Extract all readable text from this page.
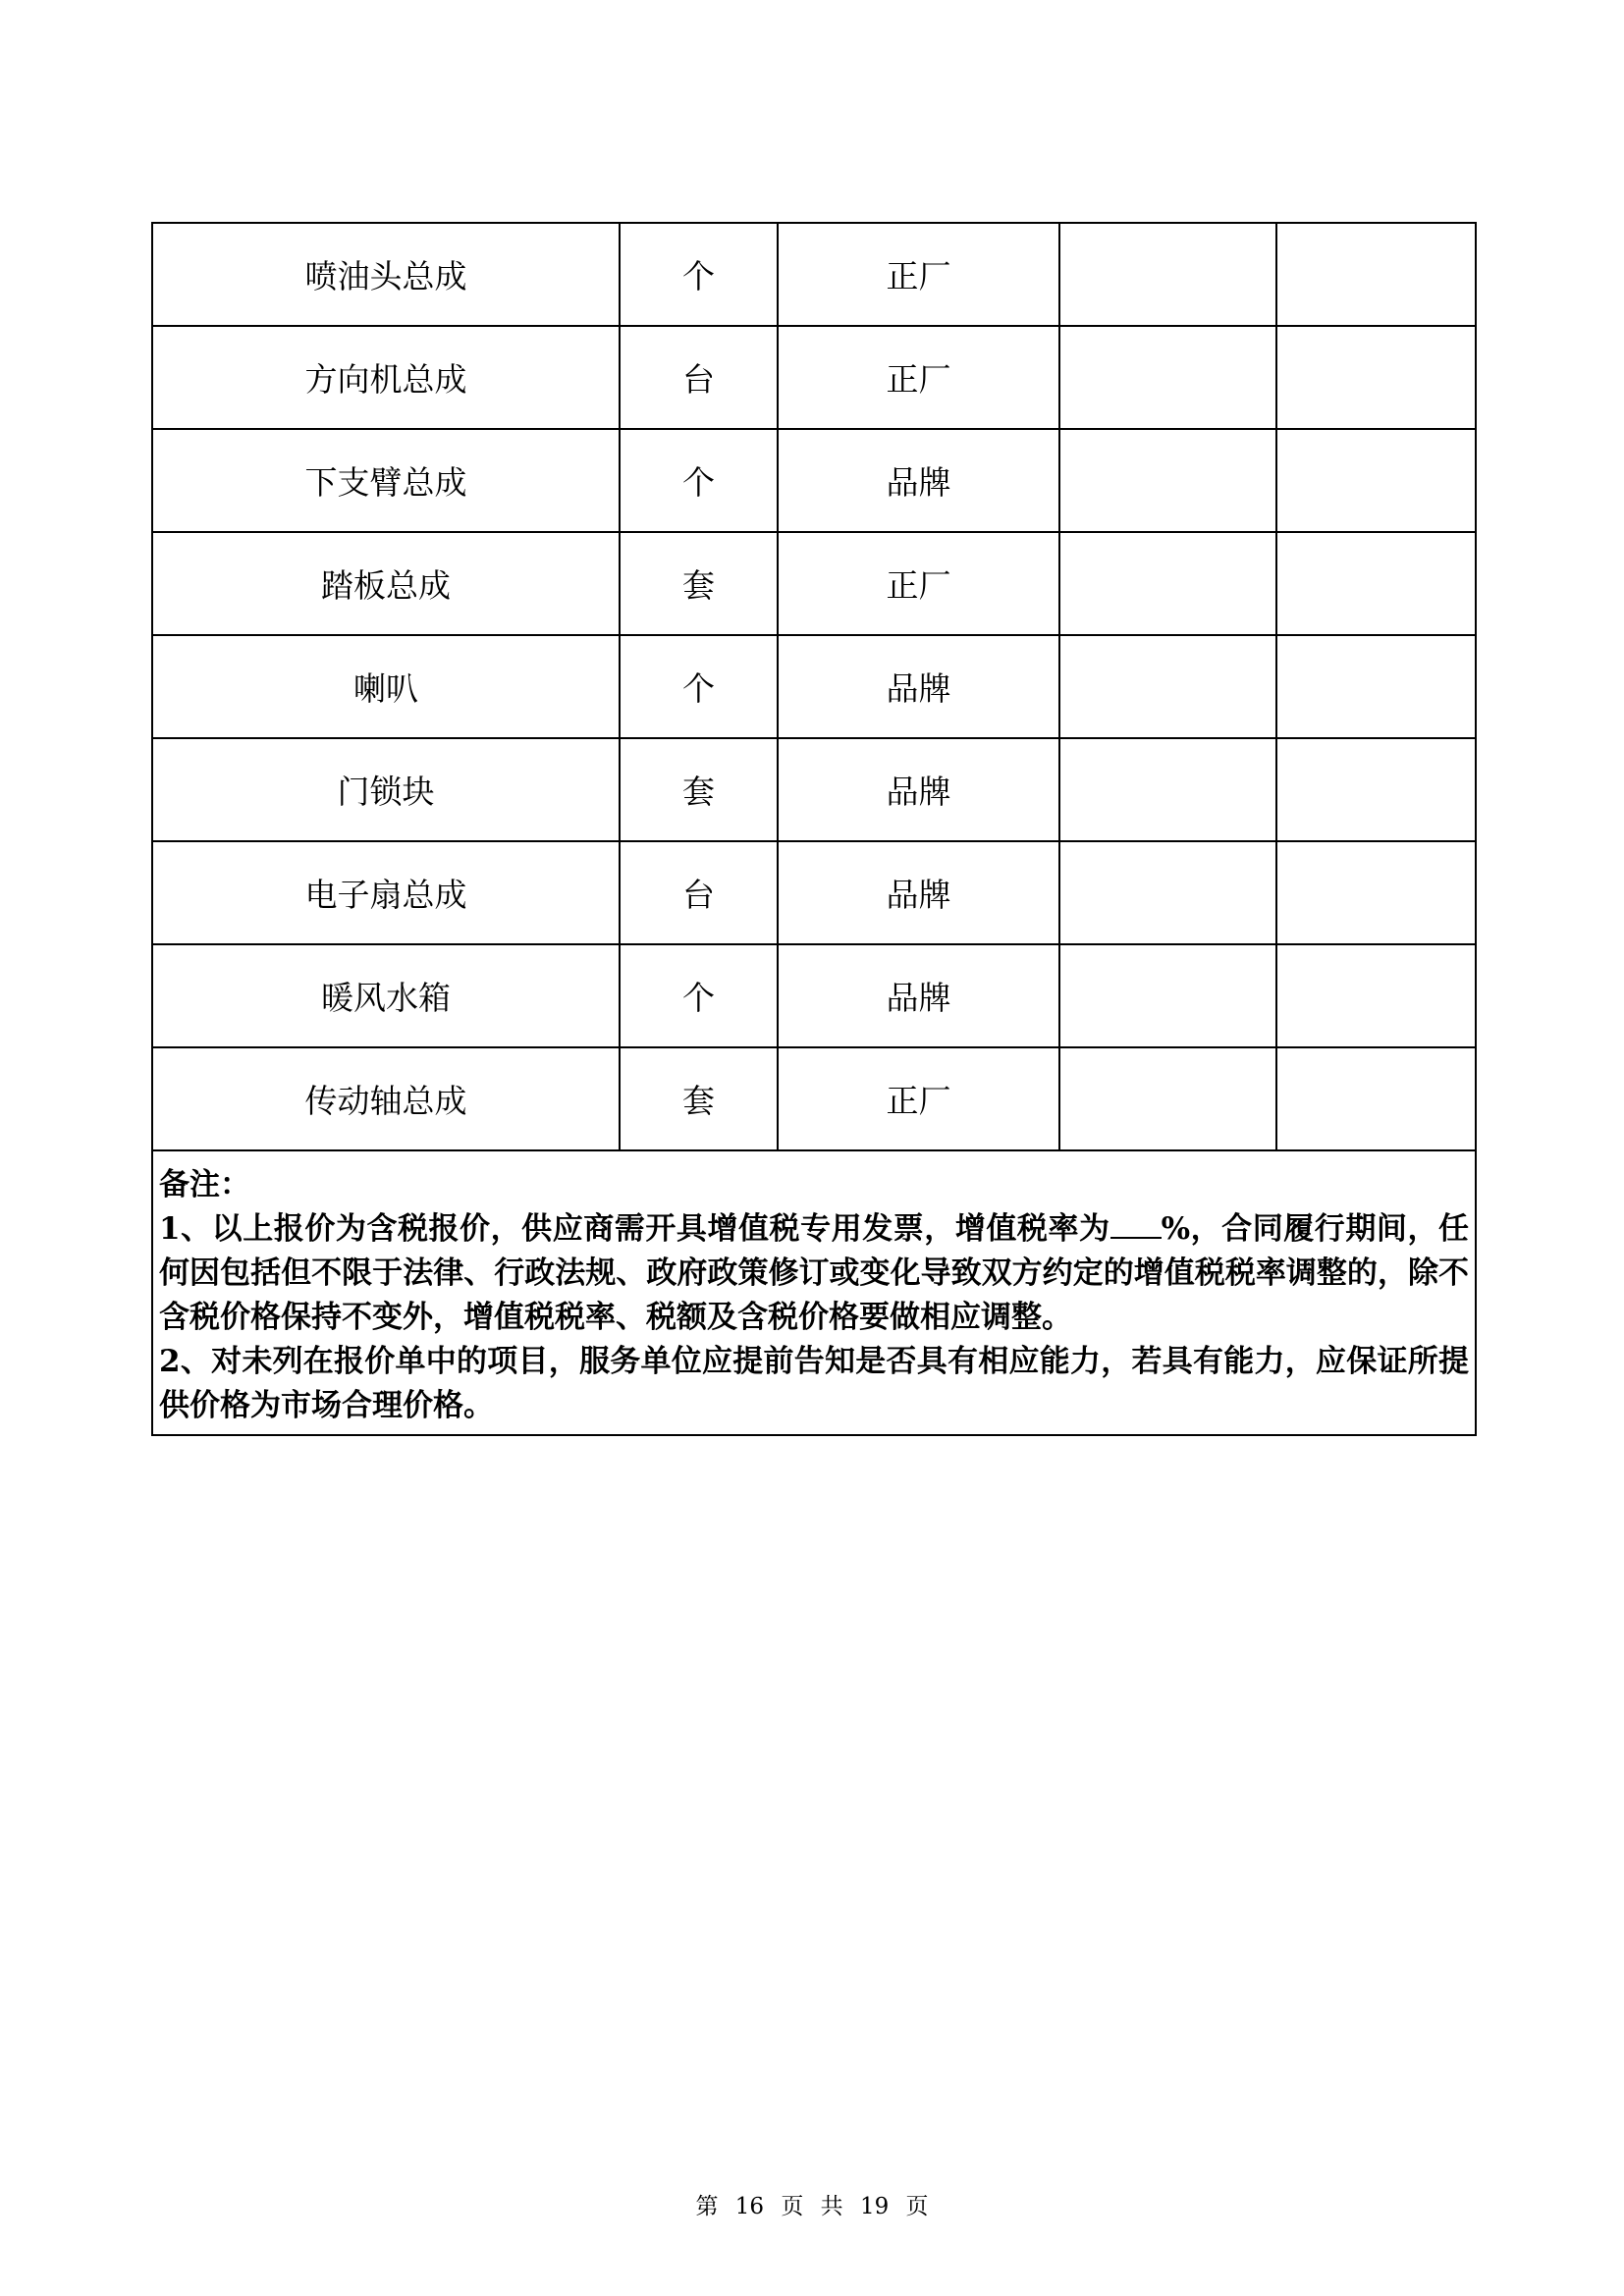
喷油头总成	个	正厂		
方向机总成	台	正厂		
下支臂总成	个	品牌		
踏板总成	套	正厂		
喇叭	个	品牌		
门锁块	套	品牌		
电子扇总成	台	品牌		
暖风水箱	个	品牌		
传动轴总成	套	正厂		

备注：
1、以上报价为含税报价，供应商需开具增值税专用发票，增值税率为 %，合同履行期间，任何因包括但不限于法律、行政法规、政府政策修订或变化导致双方约定的增值税税率调整的，除不含税价格保持不变外，增值税税率、税额及含税价格要做相应调整。
2、对未列在报价单中的项目，服务单位应提前告知是否具有相应能力，若具有能力，应保证所提供价格为市场合理价格。				
第 16 页 共 19 页
